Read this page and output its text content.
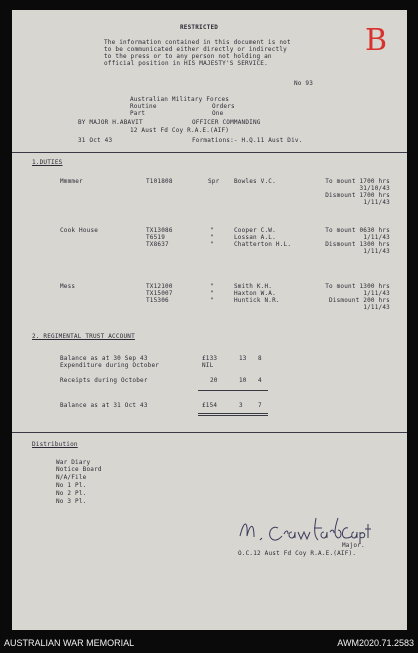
RESTRICTED
The information contained in this document is not
to be communicated either directly or indirectly
to the press or to any person not holding an
official position in HIS MAJESTY'S SERVICE.
B
No 93
Australian Military Forces
Routine	Orders
Part	One
BY MAJOR H.ABAVIT	OFFICER COMMANDING
12 Aust Fd Coy R.A.E.(AIF)
31 Oct 43	Formations:- H.Q.11 Aust Div.
1.DUTIES
Mmmmer	T101808	Spr Bowles V.C.	To mount 1700 hrs
31/10/43
Dismount 1700 hrs
1/11/43
Cook House	TX13086	"	Cooper C.W.	To mount 0630 hrs
T6519	"	Lossan A.L.	1/11/43
TX8637	"	Chatterton H.L.	Dismount 1300 hrs
1/11/43
Mess	TX12100	"	Smith K.H.	To mount 1300 hrs
TX15007	"	Haxton W.A.	1/11/43
T15306	"	Huntick N.R.	Dismount 200 hrs
1/11/43
2. REGIMENTAL TRUST ACCOUNT
Balance as at 30 Sep 43	£133	13 8
Expenditure during October	NIL
Receipts during October	20	10 4
Balance as at 31 Oct 43	£154	3	7
Distribution
War Diary
Notice Board
N/A/File
No 1 Pl.
No 2 Pl.
No 3 Pl.
Major.
O.C.12 Aust Fd Coy R.A.E.(AIF).
AUSTRALIAN WAR MEMORIAL	AWM2020.71.2583
